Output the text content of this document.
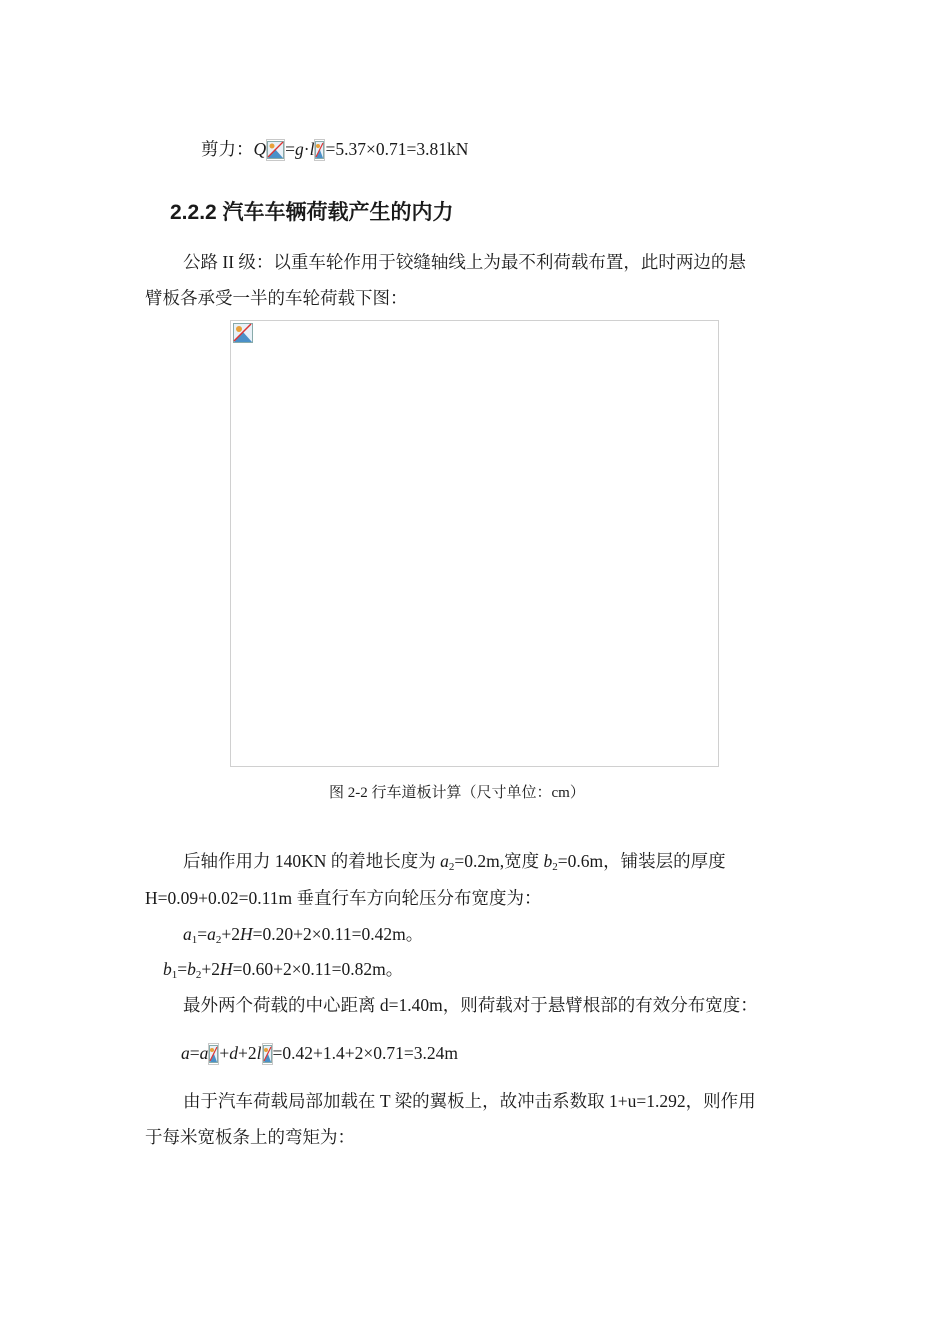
剪力：Q =g·l =5.37×0.71=3.81kN
2.2.2 汽车车辆荷载产生的内力
公路 II 级：以重车轮作用于铰缝轴线上为最不利荷载布置，此时两边的悬
臂板各承受一半的车轮荷载下图：
图 2-2 行车道板计算（尺寸单位：cm）
后轴作用力 140KN 的着地长度为 $a_2=0.2m$,宽度 $b_2=0.6m$，铺装层的厚度
H=0.09+0.02=0.11m 垂直行车方向轮压分布宽度为：
$a_1=a_2+2H=0.20+2\times 0.11=0.42m$。
$b_1=b_2+2H=0.60+2\times 0.11=0.82m$。
最外两个荷载的中心距离 d=1.40m，则荷载对于悬臂根部的有效分布宽度：
a=a +d+2l =0.42+1.4+2×0.71=3.24m
由于汽车荷载局部加载在 T 梁的翼板上，故冲击系数取 1+u=1.292，则作用
于每米宽板条上的弯矩为：
